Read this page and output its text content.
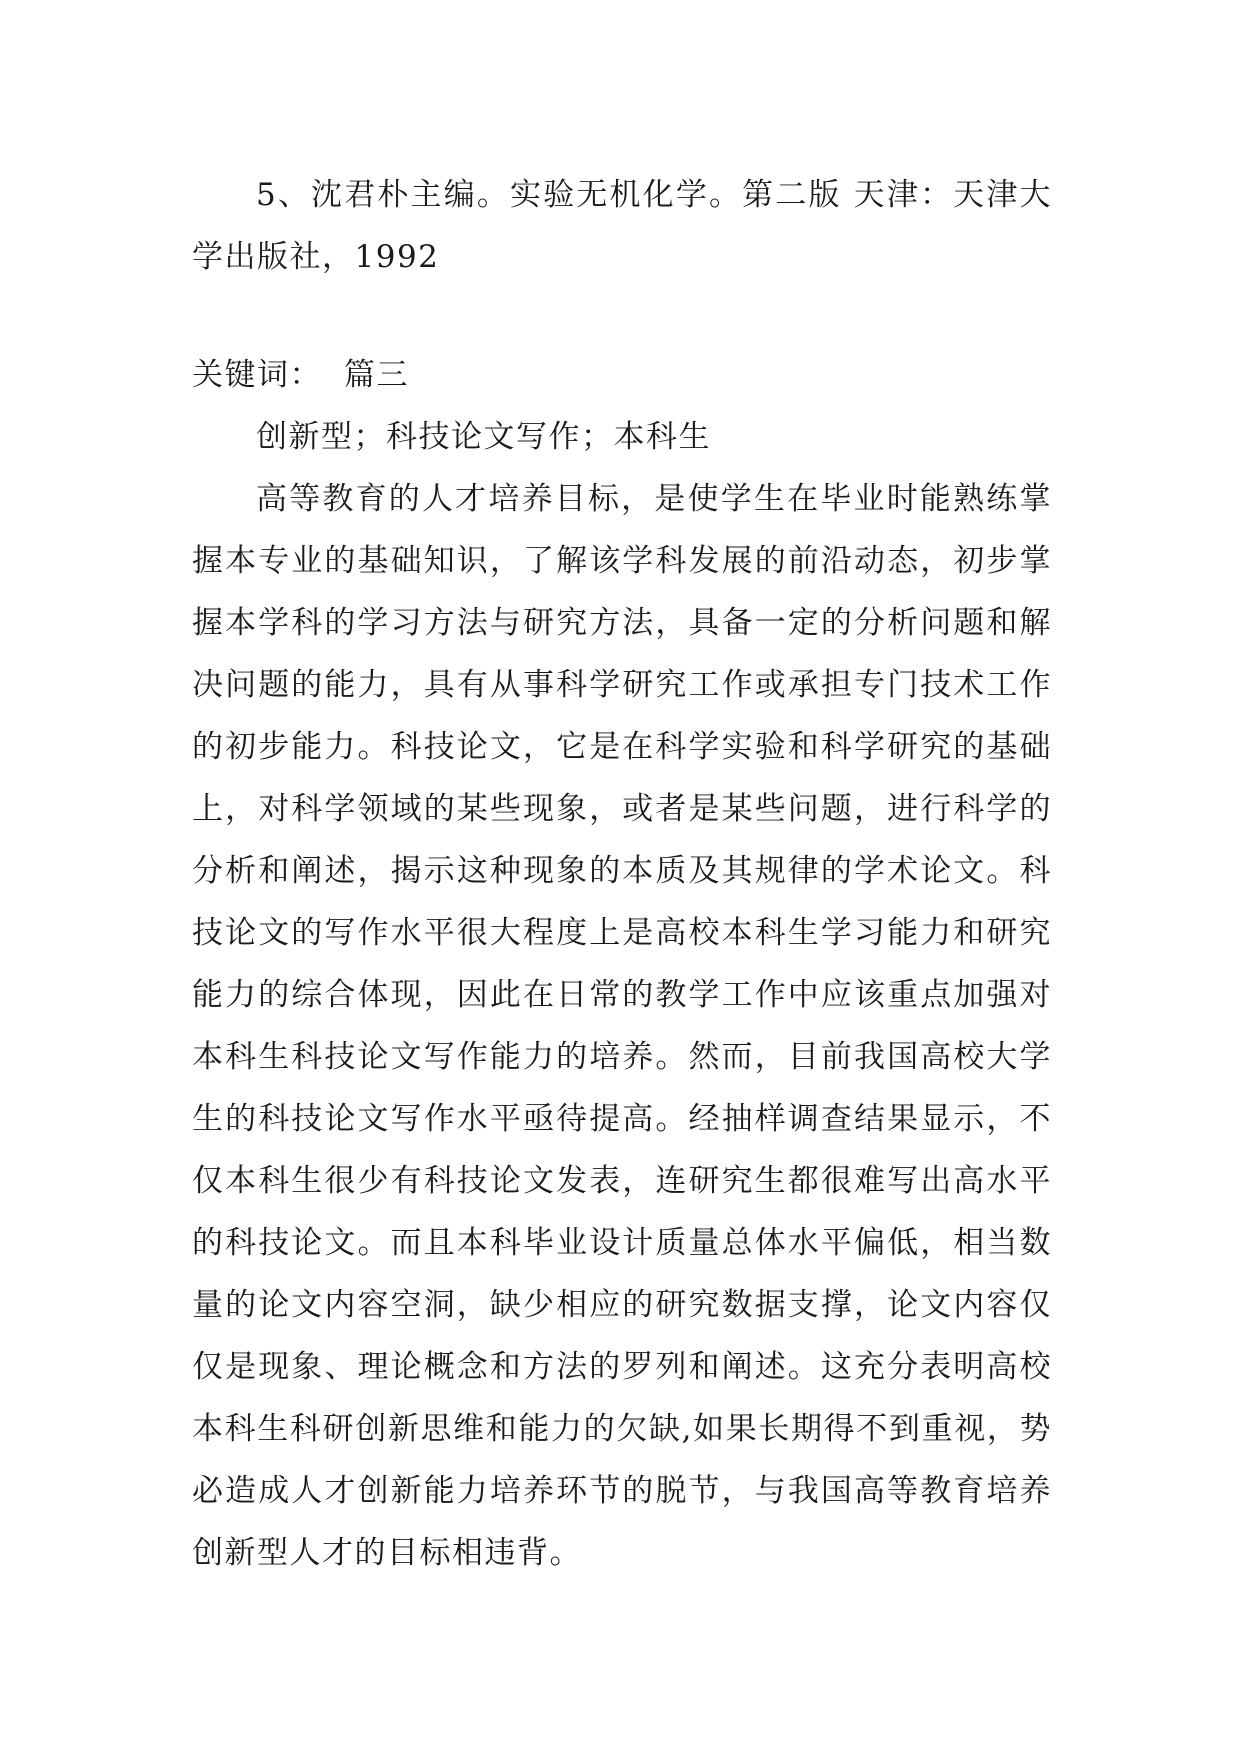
5、沈君朴主编。实验无机化学。第二版 天津：天津大学出版社，1992

关键词： 篇三

创新型；科技论文写作；本科生

高等教育的人才培养目标，是使学生在毕业时能熟练掌握本专业的基础知识，了解该学科发展的前沿动态，初步掌握本学科的学习方法与研究方法，具备一定的分析问题和解决问题的能力，具有从事科学研究工作或承担专门技术工作的初步能力。科技论文，它是在科学实验和科学研究的基础上，对科学领域的某些现象，或者是某些问题，进行科学的分析和阐述，揭示这种现象的本质及其规律的学术论文。科技论文的写作水平很大程度上是高校本科生学习能力和研究能力的综合体现，因此在日常的教学工作中应该重点加强对本科生科技论文写作能力的培养。然而，目前我国高校大学生的科技论文写作水平亟待提高。经抽样调查结果显示，不仅本科生很少有科技论文发表，连研究生都很难写出高水平的科技论文。而且本科毕业设计质量总体水平偏低，相当数量的论文内容空洞，缺少相应的研究数据支撑，论文内容仅仅是现象、理论概念和方法的罗列和阐述。这充分表明高校本科生科研创新思维和能力的欠缺,如果长期得不到重视，势必造成人才创新能力培养环节的脱节，与我国高等教育培养创新型人才的目标相违背。
